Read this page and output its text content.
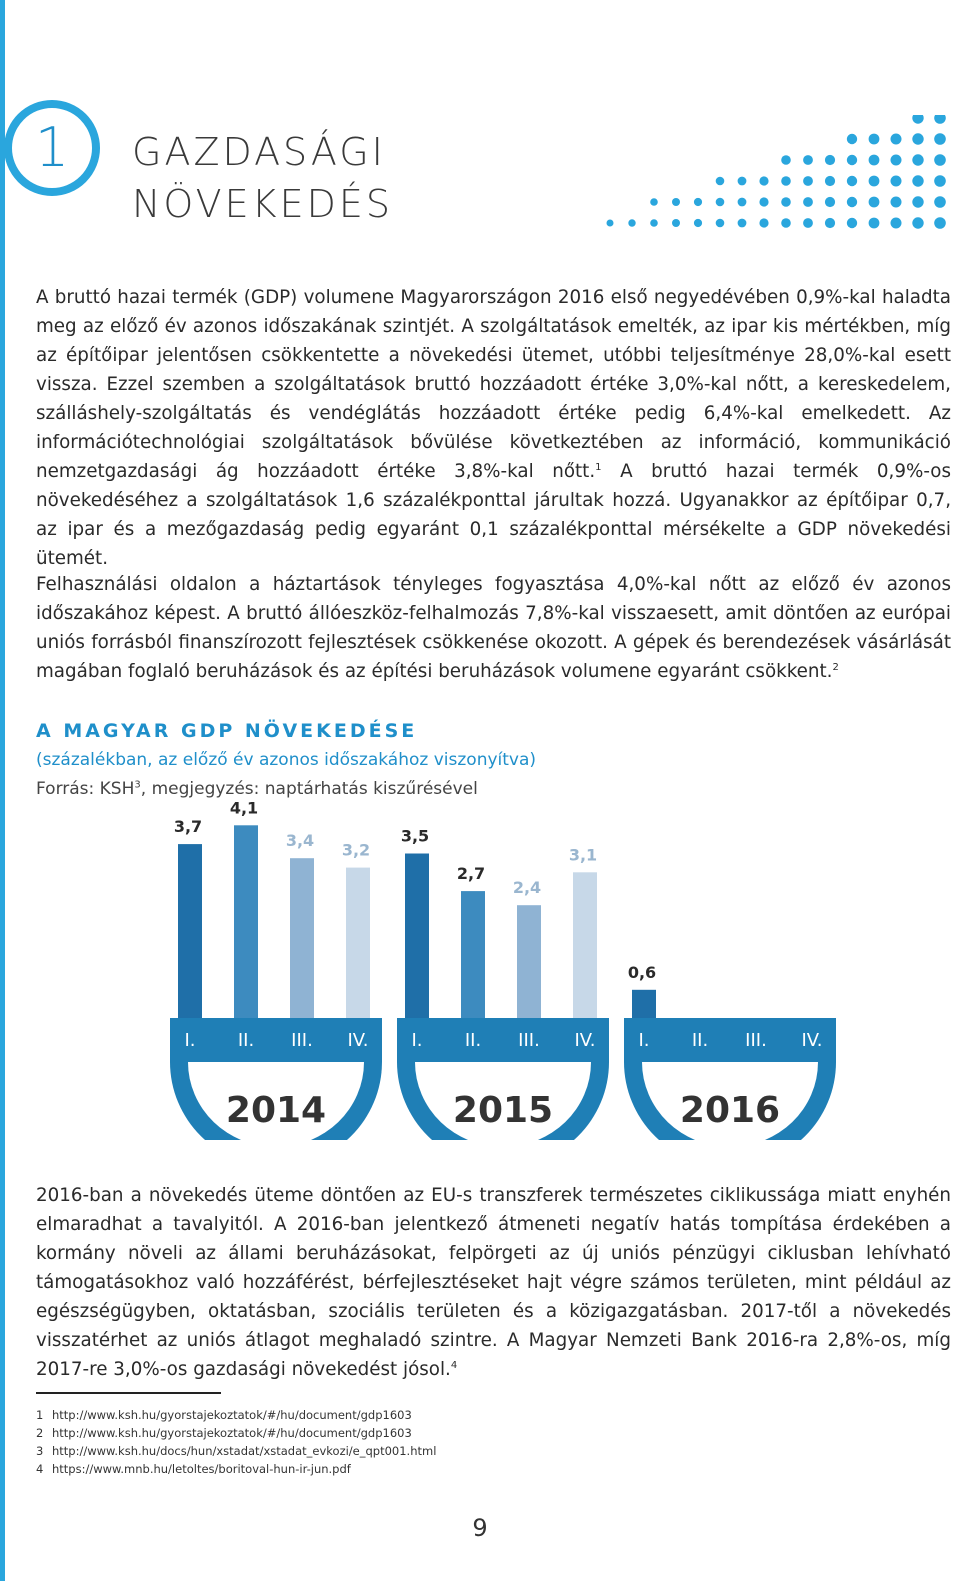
1 GAZDASÁGI
NÖVEKEDÉS

A bruttó hazai termék (GDP) volumene Magyarországon 2016 első negyedévében 0,9%-kal haladta meg az előző év azonos időszakának szintjét. A szolgáltatások emelték, az ipar kis mértékben, míg az építőipar jelentősen csökkentette a növekedési ütemet, utóbbi teljesítménye 28,0%-kal esett vissza. Ezzel szemben a szolgáltatások bruttó hozzáadott értéke 3,0%-kal nőtt, a kereskedelem, szálláshely-szolgáltatás és vendéglátás hozzáadott értéke pedig 6,4%-kal emelkedett. Az információtechnológiai szolgáltatások bővülése következtében az információ, kommunikáció nemzetgazdasági ág hozzáadott értéke 3,8%-kal nőtt.$^1$ A bruttó hazai termék 0,9%-os növekedéséhez a szolgáltatások 1,6 százalékponttal járultak hozzá. Ugyanakkor az építőipar 0,7, az ipar és a mezőgazdaság pedig egyaránt 0,1 százalékponttal mérsékelte a GDP növekedési ütemét.

Felhasználási oldalon a háztartások tényleges fogyasztása 4,0%-kal nőtt az előző év azonos időszakához képest. A bruttó állóeszköz-felhalmozás 7,8%-kal visszaesett, amit döntően az európai uniós forrásból finanszírozott fejlesztések csökkenése okozott. A gépek és berendezések vásárlását magában foglaló beruházások és az építési beruházások volumene egyaránt csökkent.$^2$

A MAGYAR GDP NÖVEKEDÉSE
(százalékban, az előző év azonos időszakához viszonyítva)
Forrás: KSH$^3$, megjegyzés: naptárhatás kiszűrésével
3,7
I.
4,1
II.
3,4
III.
3,2
IV.
2014
3,5
I.
2,7
II.
2,4
III.
3,1
IV.
2015
0,6
I. II. III. IV.
2016

2016-ban a növekedés üteme döntően az EU-s transzferek természetes ciklikussága miatt enyhén elmaradhat a tavalyitól. A 2016-ban jelentkező átmeneti negatív hatás tompítása érdekében a kormány növeli az állami beruházásokat, felpörgeti az új uniós pénzügyi ciklusban lehívható támogatásokhoz való hozzáférést, bérfejlesztéseket hajt végre számos területen, mint például az egészségügyben, oktatásban, szociális területen és a közigazgatásban. 2017-től a növekedés visszatérhet az uniós átlagot meghaladó szintre. A Magyar Nemzeti Bank 2016-ra 2,8%-os, míg 2017-re 3,0%-os gazdasági növekedést jósol.$^4$

1 http://www.ksh.hu/gyorstajekoztatok/#/hu/document/gdp1603
2 http://www.ksh.hu/gyorstajekoztatok/#/hu/document/gdp1603
3 http://www.ksh.hu/docs/hun/xstadat/xstadat_evkozi/e_qpt001.html
4 https://www.mnb.hu/letoltes/boritoval-hun-ir-jun.pdf
9
